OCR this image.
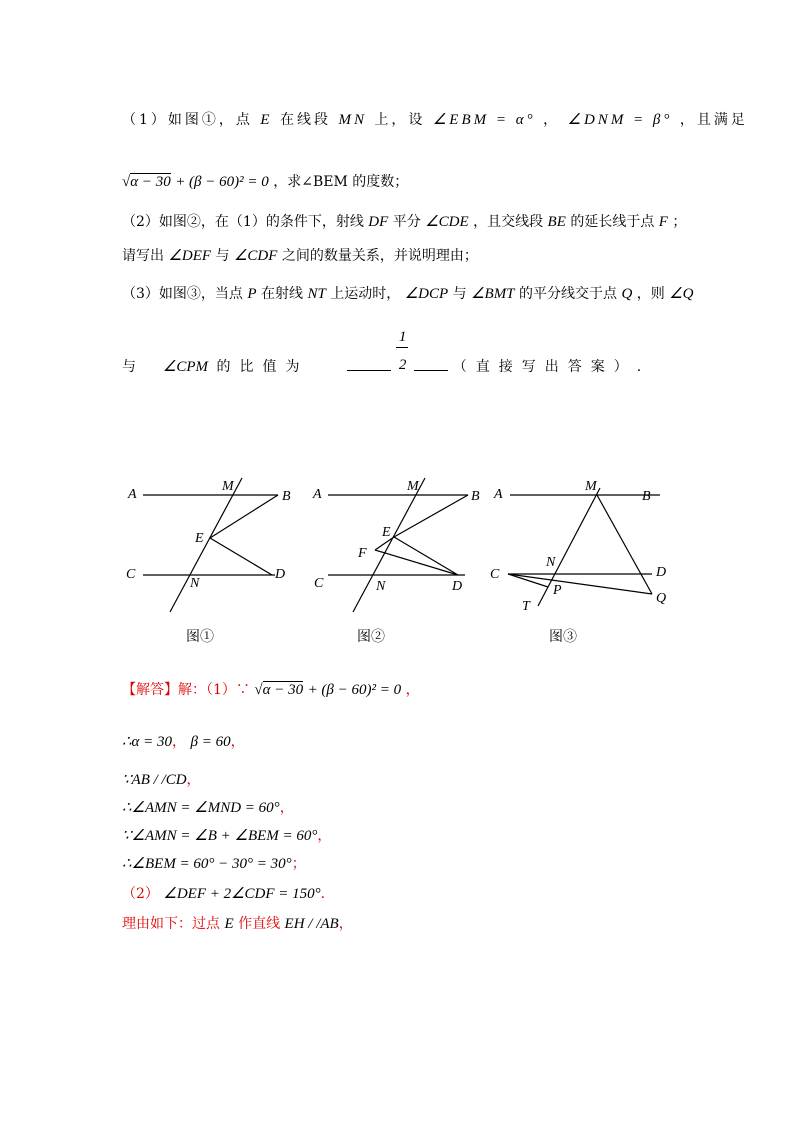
（1）如图①，点 E 在线段 MN 上，设 ∠EBM = α° ， ∠DNM = β° ，且满足
√α − 30 + (β − 60)² = 0 ，求∠BEM 的度数；
（2）如图②，在（1）的条件下，射线 DF 平分 ∠CDE ，且交线段 BE 的延长线于点 F ；
请写出 ∠DEF 与 ∠CDF 之间的数量关系，并说明理由；
（3）如图③，当点 P 在射线 NT 上运动时， ∠DCP 与 ∠BMT 的平分线交于点 Q ，则 ∠Q
与 ∠CPM 的比值为	$\frac{1}{2}$	（直接写出答案）.
A
M
B
E
C
N
D
A
M
B
E
F
C	N	D
A
M
B
C
N
D
P
Q
T
图①	图②	图③
【解答】解：（1）∵ √α − 30 + (β − 60)² = 0 ，
∴α = 30， β = 60，
∵AB / /CD，
∴∠AMN = ∠MND = 60°，
∵∠AMN = ∠B + ∠BEM = 60°，
∴∠BEM = 60° − 30° = 30°；
（2） ∠DEF + 2∠CDF = 150°．
理由如下：过点 E 作直线 EH / /AB，
